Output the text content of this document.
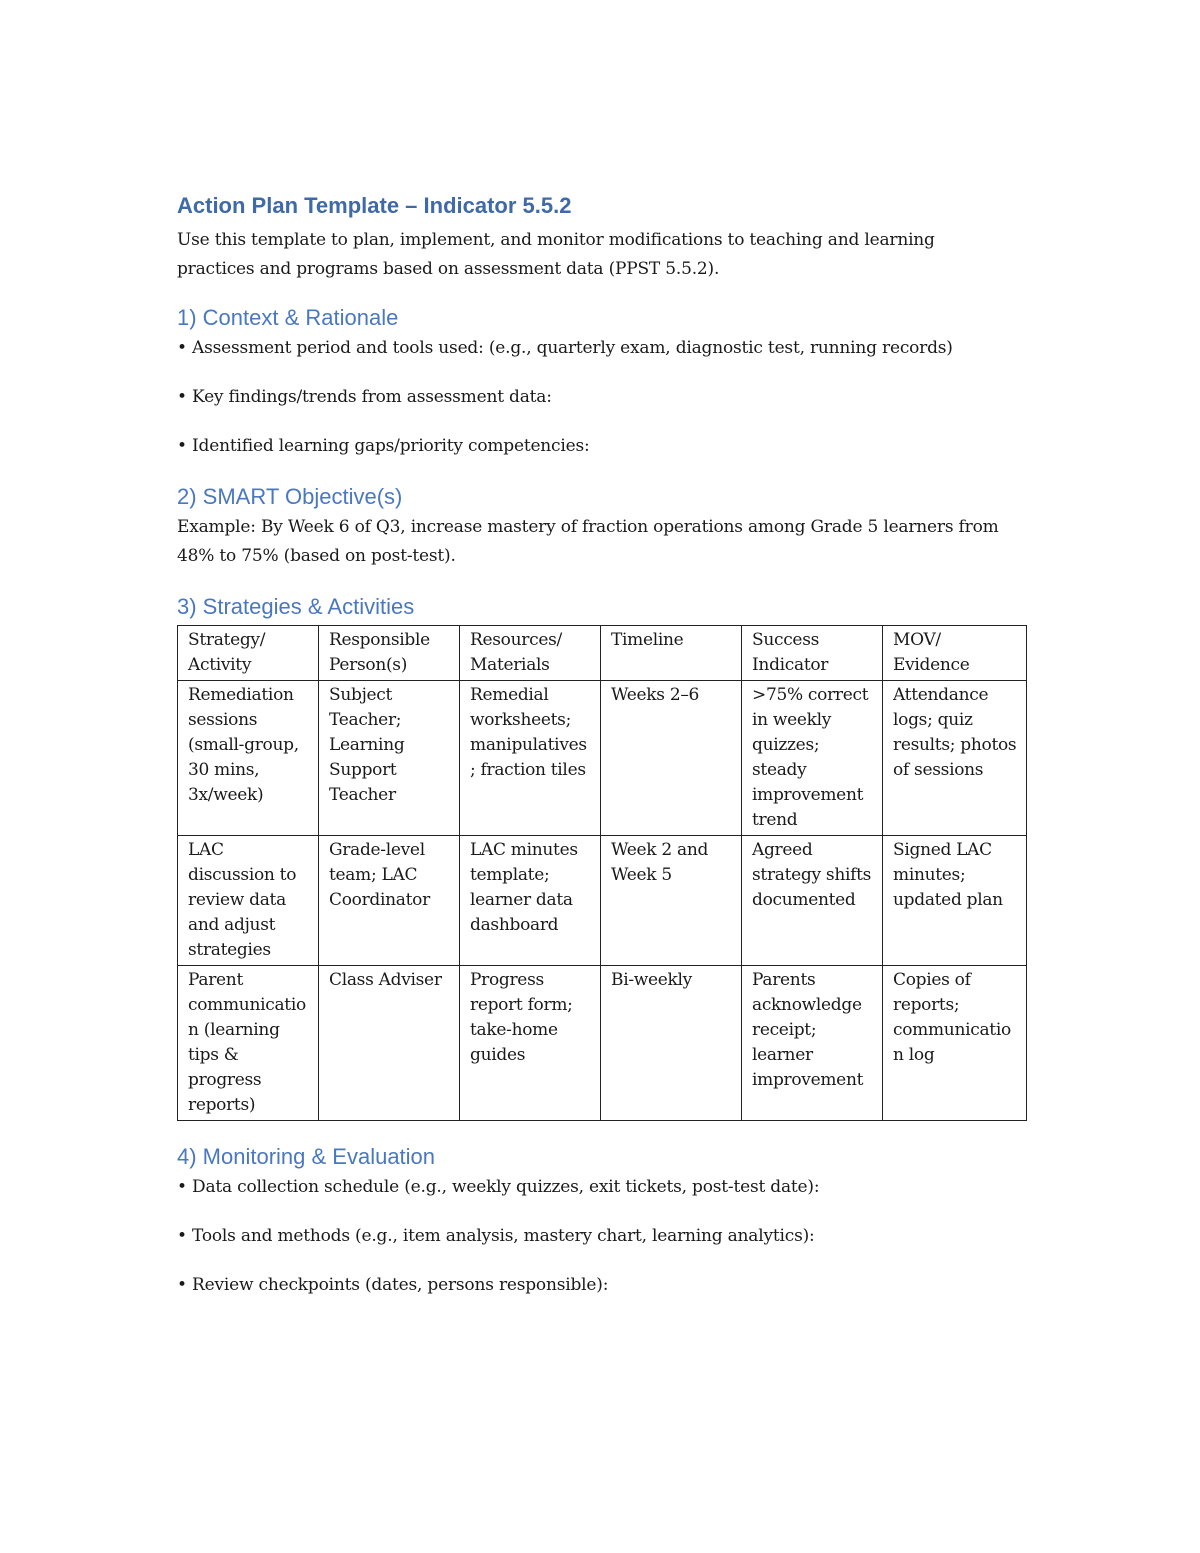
Action Plan Template – Indicator 5.5.2

Use this template to plan, implement, and monitor modifications to teaching and learning practices and programs based on assessment data (PPST 5.5.2).

1) Context & Rationale

• Assessment period and tools used: (e.g., quarterly exam, diagnostic test, running records)

• Key findings/trends from assessment data:

• Identified learning gaps/priority competencies:

2) SMART Objective(s)

Example: By Week 6 of Q3, increase mastery of fraction operations among Grade 5 learners from 48% to 75% (based on post-test).

3) Strategies & Activities
Strategy/ Activity	Responsible Person(s)	Resources/ Materials	Timeline	Success Indicator	MOV/ Evidence
Remediation sessions (small-group, 30 mins, 3x/week)	Subject Teacher; Learning Support Teacher	Remedial worksheets; manipulatives; fraction tiles	Weeks 2–6	>75% correct in weekly quizzes; steady improvement trend	Attendance logs; quiz results; photos of sessions
LAC discussion to review data and adjust strategies	Grade-level team; LAC Coordinator	LAC minutes template; learner data dashboard	Week 2 and Week 5	Agreed strategy shifts documented	Signed LAC minutes; updated plan
Parent communication (learning tips & progress reports)	Class Adviser	Progress report form; take-home guides	Bi-weekly	Parents acknowledge receipt; learner improvement	Copies of reports; communication log
4) Monitoring & Evaluation

• Data collection schedule (e.g., weekly quizzes, exit tickets, post-test date):

• Tools and methods (e.g., item analysis, mastery chart, learning analytics):

• Review checkpoints (dates, persons responsible):
